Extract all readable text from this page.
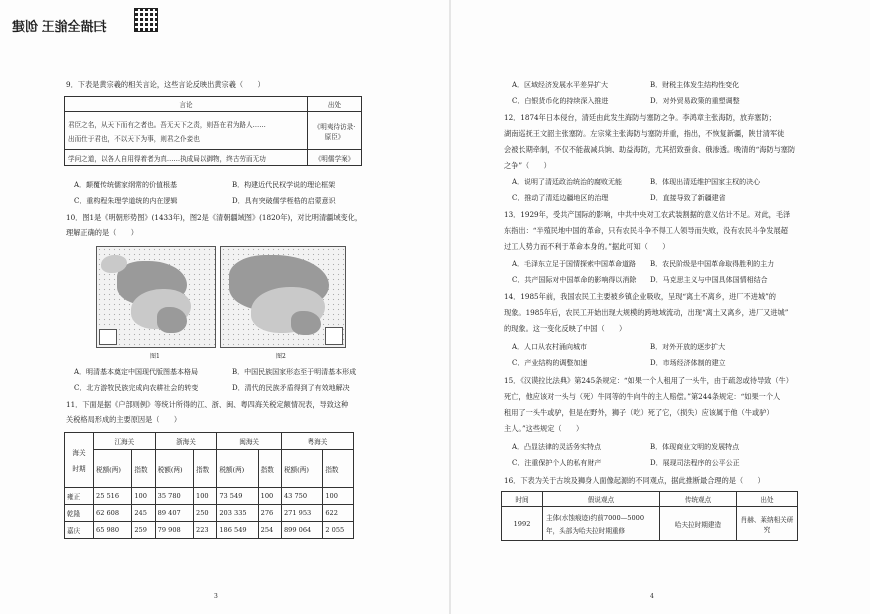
扫描全能王 创建
9．下表是黄宗羲的相关言论，这些言论反映出黄宗羲（　　）
言论	出处

君臣之名，从天下而有之者也。吾无天下之责，则吾在君为路人……
出而仕于君也，不以天下为事，则君之仆妾也	《明夷待访录·原臣》
学问之道，以各人自用得着者为真……执成局以御物，终古劳而无功	《明儒学案》
A．颠覆传统儒家纲常的价值根基	B．构建近代民权学说的理论框架
C．重构程朱理学道统的内在逻辑	D．具有突破儒学桎梏的启蒙意识
10．图1是《明朝形势图》(1433年)，图2是《清朝疆域图》(1820年)，对比明清疆域变化，
理解正确的是（　　）
图1	图2
A．明清基本奠定中国现代版图基本格局	B．中国民族国家形态至于明清基本形成
C．北方游牧民族完成向农耕社会的转变	D．清代的民族矛盾得到了有效地解决
11．下面是据《户部则例》等统计所得的江、浙、闽、粤四海关税定额情况表，导致这种
关税格局形成的主要原因是（　　）
海关
时期	江海关		浙海关		闽海关		粤海关	
	税额(两)	指数	税额(两)	指数	税额(两)	指数	税额(两)	指数
雍正	25 516	100	35 780	100	73 549	100	43 750	100
乾隆	62 608	245	89 407	250	203 335	276	271 953	622
嘉庆	65 980	259	79 908	223	186 549	254	899 064	2 055
3
A．区域经济发展水平差异扩大	B．财税主体发生结构性变化
C．白银货币化的持续深入推进	D．对外贸易政策的重塑调整
12．1874年日本侵台，清廷由此发生海防与塞防之争。李鸿章主张海防，放弃塞防；
湖南巡抚王文韶主张塞防。左宗棠主张海防与塞防并重，指出，不恢复新疆，陕甘清军徒
会被长期牵制，不仅不能裁减兵饷、助益海防，尤其招致蚕食、俄渗透。晚清的“海防与塞防
之争”（　　）
A．说明了清廷政治统治的腐败无能	B．体现出清廷维护国家主权的决心
C．推动了清廷边疆地区的治理	D．直接导致了新疆建省
13．1929年，受共产国际的影响，中共中央对工农武装割据的意义估计不足。对此，毛泽
东指出：“半殖民地中国的革命，只有农民斗争不得工人领导而失败，没有农民斗争发展超
过工人势力而不利于革命本身的。”据此可知（　　）
A．毛泽东立足于国情探索中国革命道路 B．农民阶级是中国革命取得胜利的主力
C．共产国际对中国革命的影响得以消除 D．马克思主义与中国具体国情相结合
14．1985年前，我国农民工主要被乡镇企业吸收，呈现“离土不离乡，进厂不进城”的
现象。1985年后，农民工开始出现大规模的跨地域流动，出现“离土又离乡，进厂又进城”
的现象。这一变化反映了中国（　　）
A．人口从农村涌向城市	B．对外开放的逐步扩大
C．产业结构的调整加速	D．市场经济体制的建立
15．《汉谟拉比法典》第245条规定：“如果一个人租用了一头牛，由于疏忽或待导致（牛）
死亡，他应该对一头与（死）牛同等的牛向牛的主人赔偿。”第244条规定：“如果一个人
租用了一头牛或驴，但是在野外，狮子（吃）死了它，（损失）应该属于他（牛或驴）
主人。”这些规定（　　）
A．凸显法律的灵活务实特点	B．体现商业文明的发展特点
C．注重保护个人的私有财产	D．展现司法程序的公平公正
16．下表为关于古埃及狮身人面像起源的不同观点，据此推断最合理的是（　　）
时间	假说观点	传统观点	出处
1992	主体(水蚀痕迹)约前7000—5000
年，头部为哈夫拉时期重修	哈夫拉时期建造	肖赫、莱纳相关研究
4
